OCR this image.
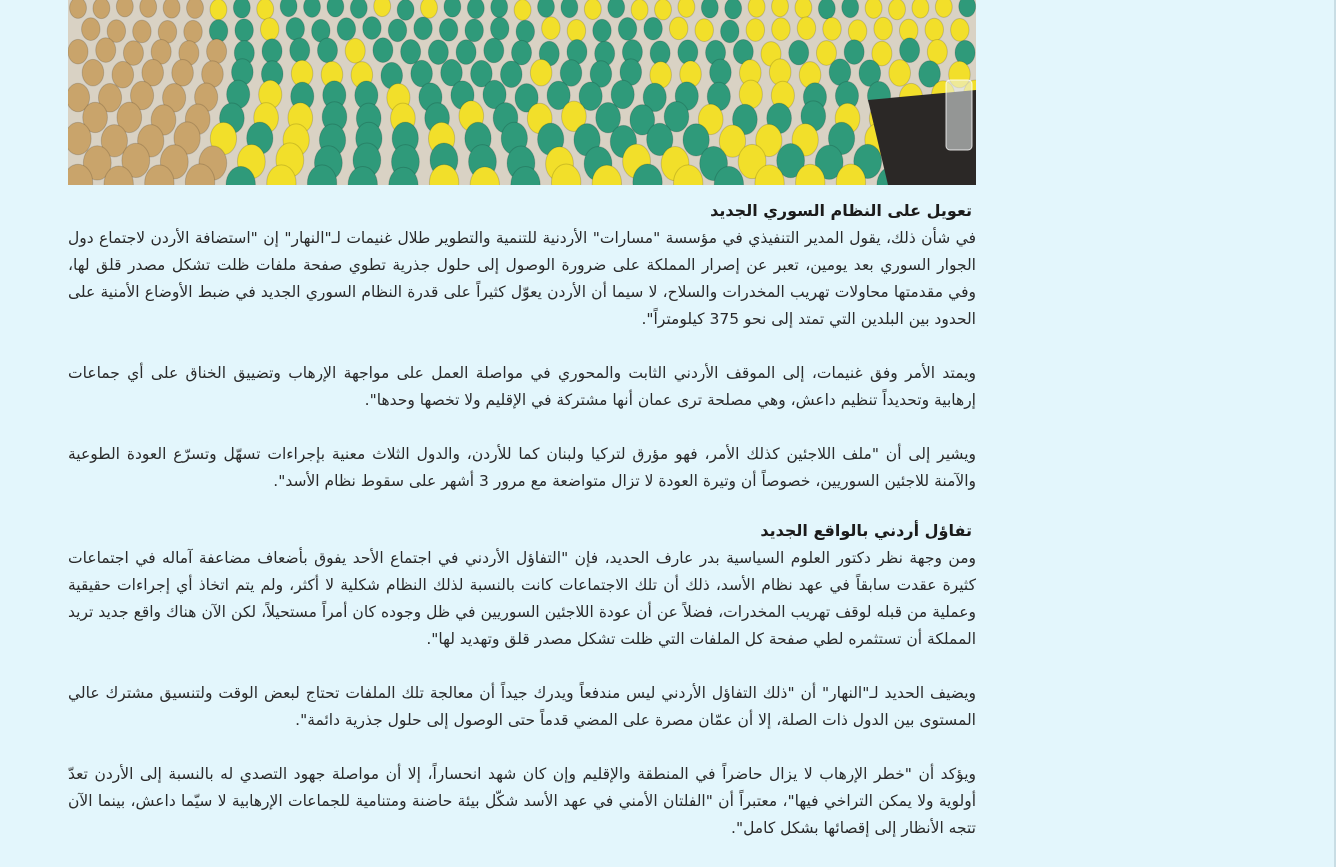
تعويل على النظام السوري الجديد

في شأن ذلك، يقول المدير التنفيذي في مؤسسة "مسارات" الأردنية للتنمية والتطوير طلال غنيمات لـ"النهار" إن "استضافة الأردن لاجتماع دول الجوار السوري بعد يومين، تعبر عن إصرار المملكة على ضرورة الوصول إلى حلول جذرية تطوي صفحة ملفات ظلت تشكل مصدر قلق لها، وفي مقدمتها محاولات تهريب المخدرات والسلاح، لا سيما أن الأردن يعوّل كثيراً على قدرة النظام السوري الجديد في ضبط الأوضاع الأمنية على الحدود بين البلدين التي تمتد إلى نحو 375 كيلومتراً".

ويمتد الأمر وفق غنيمات، إلى الموقف الأردني الثابت والمحوري في مواصلة العمل على مواجهة الإرهاب وتضييق الخناق على أي جماعات إرهابية وتحديداً تنظيم داعش، وهي مصلحة ترى عمان أنها مشتركة في الإقليم ولا تخصها وحدها".

ويشير إلى أن "ملف اللاجئين كذلك الأمر، فهو مؤرق لتركيا ولبنان كما للأردن، والدول الثلاث معنية بإجراءات تسهّل وتسرّع العودة الطوعية والآمنة للاجئين السوريين، خصوصاً أن وتيرة العودة لا تزال متواضعة مع مرور 3 أشهر على سقوط نظام الأسد".

تفاؤل أردني بالواقع الجديد

ومن وجهة نظر دكتور العلوم السياسية بدر عارف الحديد، فإن "التفاؤل الأردني في اجتماع الأحد يفوق بأضعاف مضاعفة آماله في اجتماعات كثيرة عقدت سابقاً في عهد نظام الأسد، ذلك أن تلك الاجتماعات كانت بالنسبة لذلك النظام شكلية لا أكثر، ولم يتم اتخاذ أي إجراءات حقيقية وعملية من قبله لوقف تهريب المخدرات، فضلاً عن أن عودة اللاجئين السوريين في ظل وجوده كان أمراً مستحيلاً، لكن الآن هناك واقع جديد تريد المملكة أن تستثمره لطي صفحة كل الملفات التي ظلت تشكل مصدر قلق وتهديد لها".

ويضيف الحديد لـ"النهار" أن "ذلك التفاؤل الأردني ليس مندفعاً ويدرك جيداً أن معالجة تلك الملفات تحتاج لبعض الوقت ولتنسيق مشترك عالي المستوى بين الدول ذات الصلة، إلا أن عمّان مصرة على المضي قدماً حتى الوصول إلى حلول جذرية دائمة".

ويؤكد أن "خطر الإرهاب لا يزال حاضراً في المنطقة والإقليم وإن كان شهد انحساراً، إلا أن مواصلة جهود التصدي له بالنسبة إلى الأردن تعدّ أولوية ولا يمكن التراخي فيها"، معتبراً أن "الفلتان الأمني في عهد الأسد شكّل بيئة حاضنة ومتنامية للجماعات الإرهابية لا سيّما داعش، بينما الآن تتجه الأنظار إلى إقصائها بشكل كامل".
